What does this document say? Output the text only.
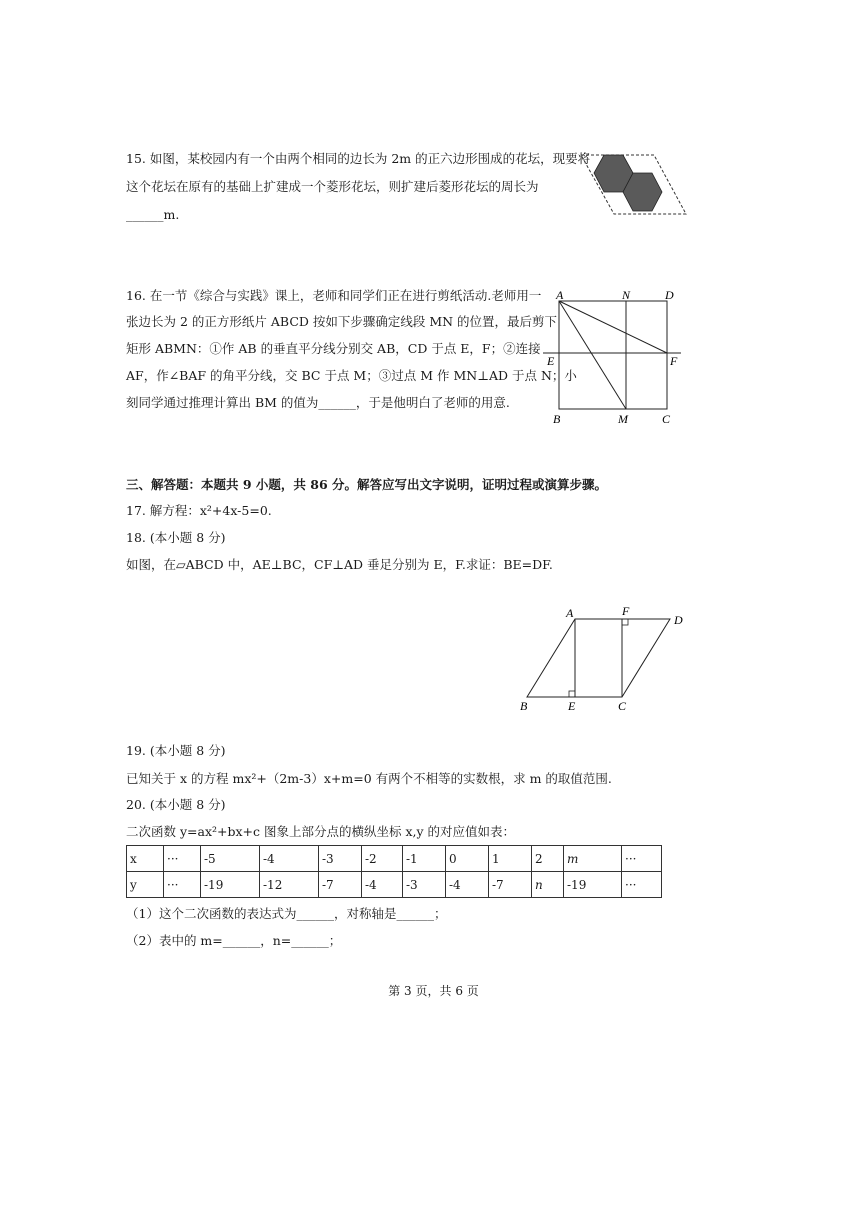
15. 如图，某校园内有一个由两个相同的边长为 2m 的正六边形围成的花坛，现要将
这个花坛在原有的基础上扩建成一个菱形花坛，则扩建后菱形花坛的周长为
______m.
16. 在一节《综合与实践》课上，老师和同学们正在进行剪纸活动.老师用一
张边长为 2 的正方形纸片 ABCD 按如下步骤确定线段 MN 的位置，最后剪下
矩形 ABMN：①作 AB 的垂直平分线分别交 AB，CD 于点 E，F；②连接
AF，作∠BAF 的角平分线，交 BC 于点 M；③过点 M 作 MN⊥AD 于点 N；小
刻同学通过推理计算出 BM 的值为______，于是他明白了老师的用意.
A	N	D
E	F
B	M	C
三、解答题：本题共 9 小题，共 86 分。解答应写出文字说明，证明过程或演算步骤。
17. 解方程：x²+4x-5=0.
18. (本小题 8 分)
如图，在▱ABCD 中，AE⊥BC，CF⊥AD 垂足分别为 E，F.求证：BE=DF.
A	F
D
B	E	C
19. (本小题 8 分)
已知关于 x 的方程 mx²+（2m-3）x+m=0 有两个不相等的实数根，求 m 的取值范围.
20. (本小题 8 分)
二次函数 y=ax²+bx+c 图象上部分点的横纵坐标 x,y 的对应值如表：
x	···	-5	-4	-3	-2	-1	0	1	2	m	···
y	···	-19	-12	-7	-4	-3	-4	-7	n	-19	···
（1）这个二次函数的表达式为______，对称轴是______；
（2）表中的 m=______，n=______；
第 3 页，共 6 页
